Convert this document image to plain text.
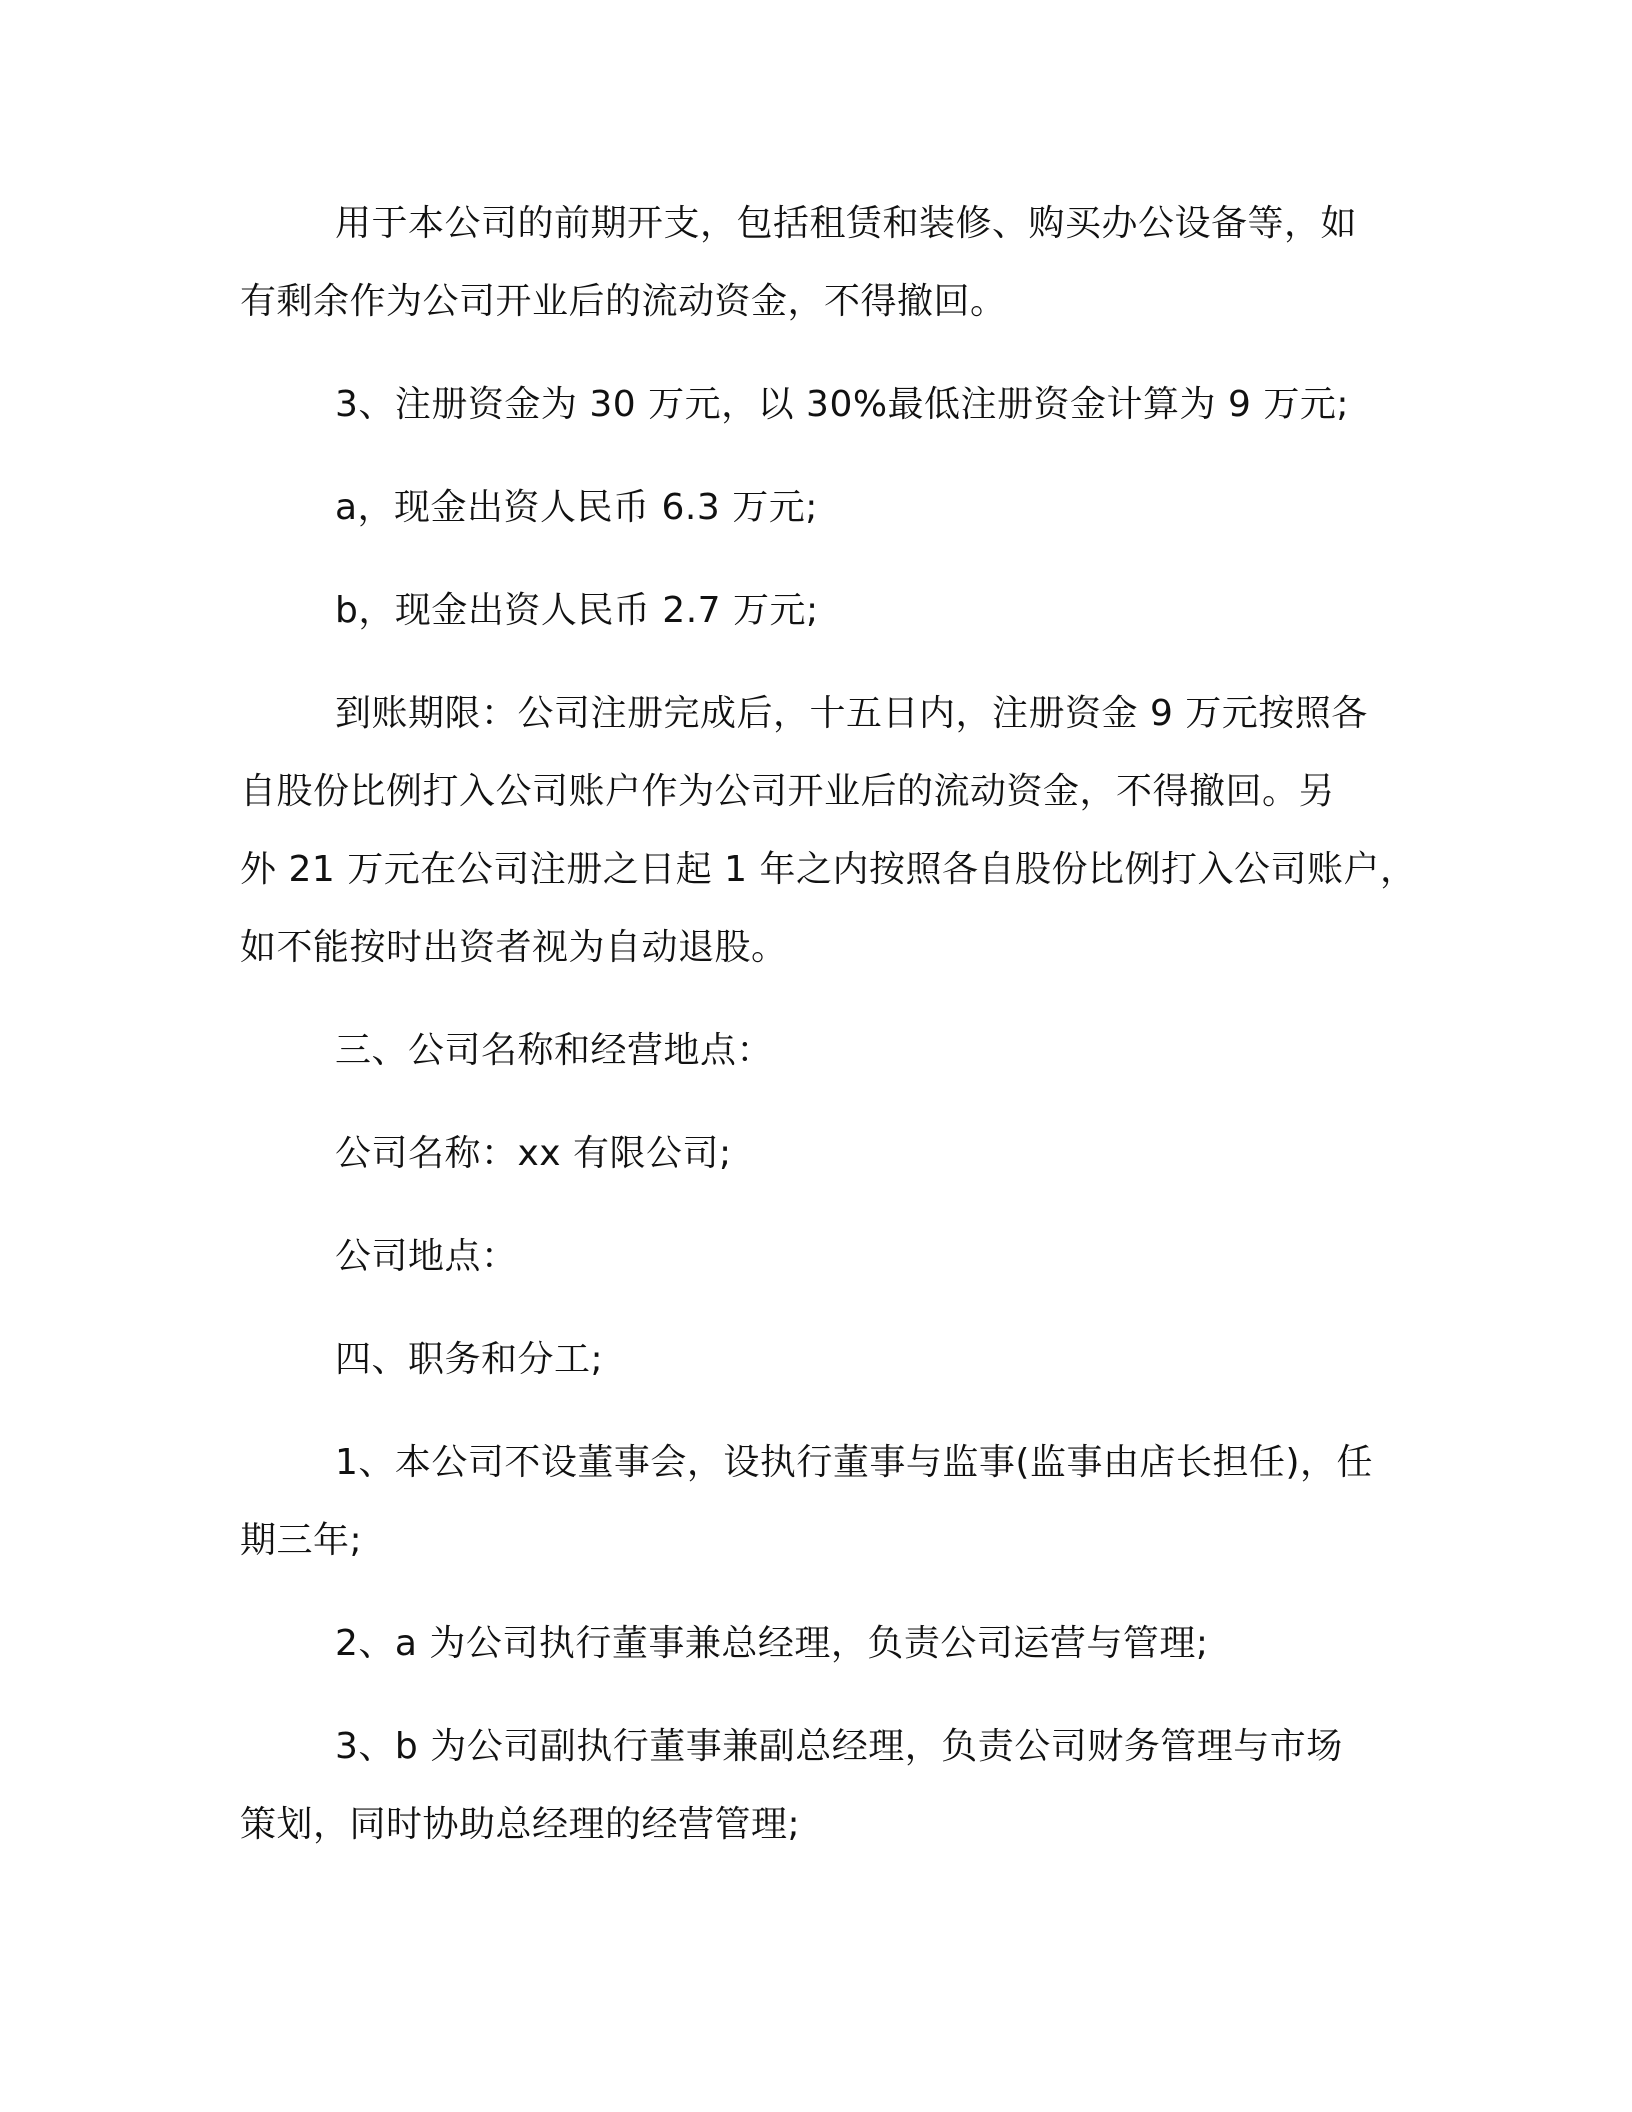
用于本公司的前期开支，包括租赁和装修、购买办公设备等，如
有剩余作为公司开业后的流动资金，不得撤回。

3、注册资金为 30 万元，以 30%最低注册资金计算为 9 万元;

a，现金出资人民币 6.3 万元;

b，现金出资人民币 2.7 万元;

到账期限：公司注册完成后，十五日内，注册资金 9 万元按照各
自股份比例打入公司账户作为公司开业后的流动资金，不得撤回。另
外 21 万元在公司注册之日起 1 年之内按照各自股份比例打入公司账户，
如不能按时出资者视为自动退股。

三、公司名称和经营地点：

公司名称：xx 有限公司;

公司地点：

四、职务和分工;

1、本公司不设董事会，设执行董事与监事(监事由店长担任)，任
期三年;

2、a 为公司执行董事兼总经理，负责公司运营与管理;

3、b 为公司副执行董事兼副总经理，负责公司财务管理与市场
策划，同时协助总经理的经营管理;
